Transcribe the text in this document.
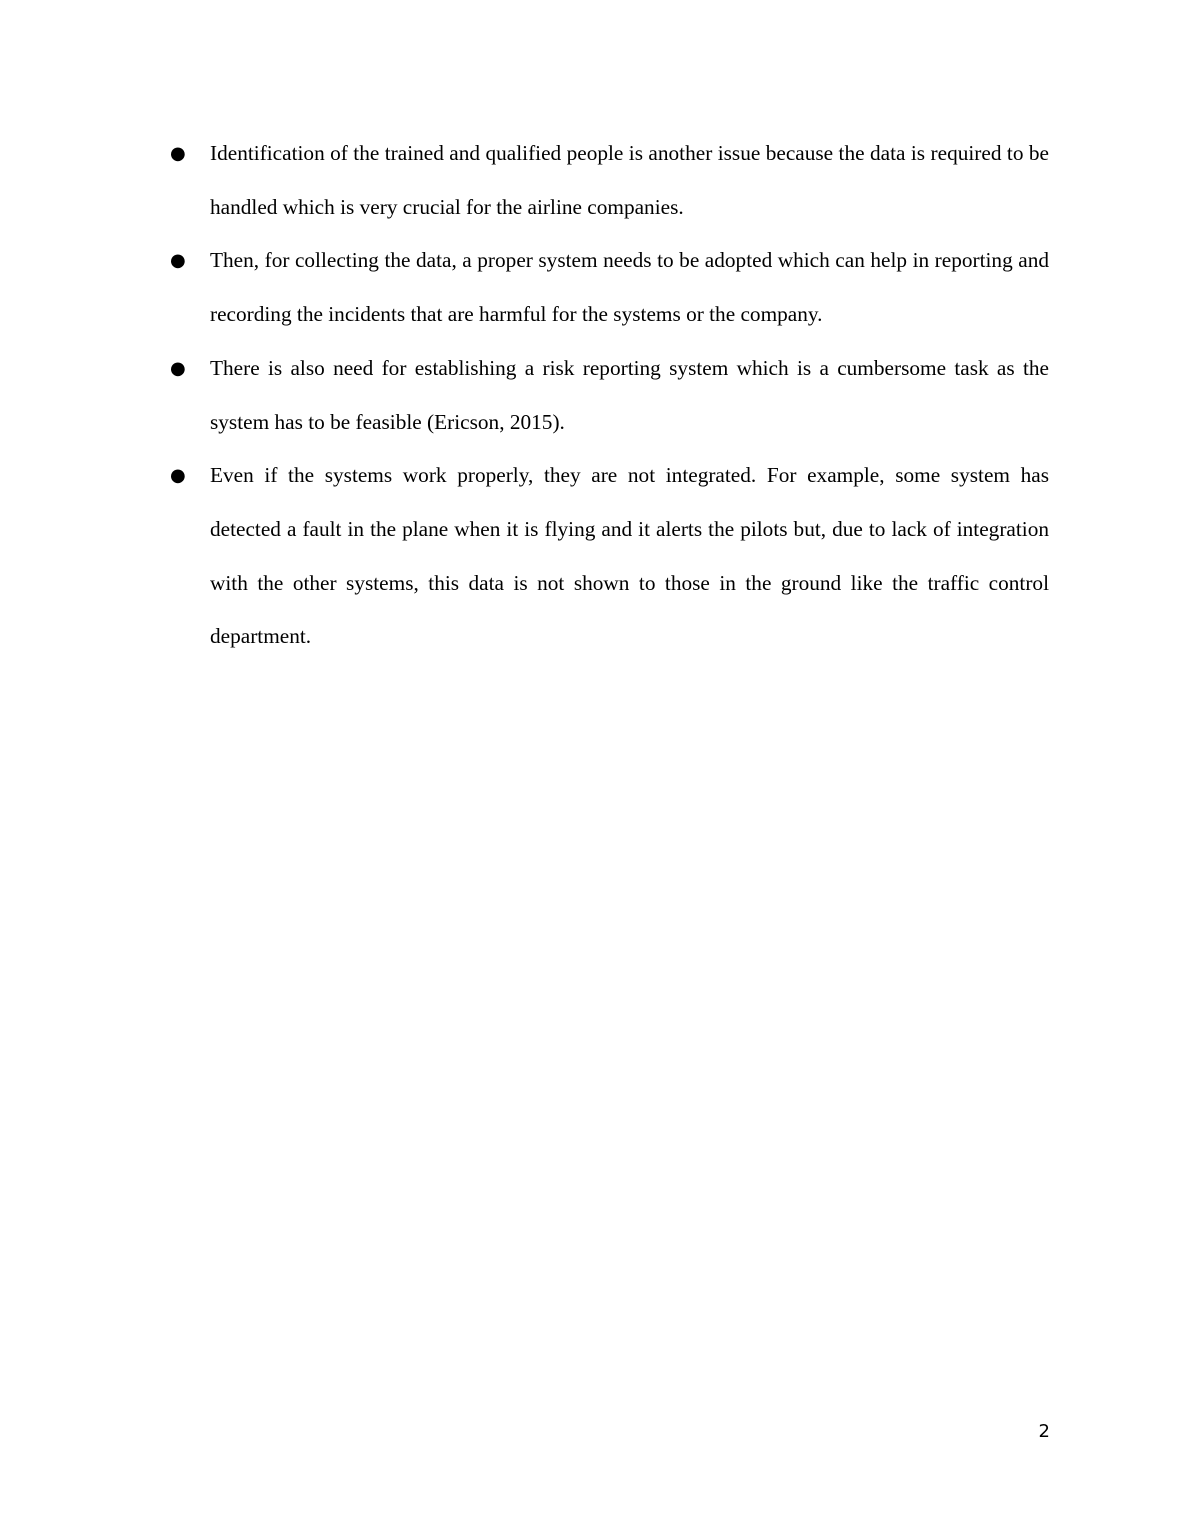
● Identification of the trained and qualified people is another issue because the data is required to be handled which is very crucial for the airline companies.
● Then, for collecting the data, a proper system needs to be adopted which can help in reporting and recording the incidents that are harmful for the systems or the company.
● There is also need for establishing a risk reporting system which is a cumbersome task as the system has to be feasible (Ericson, 2015).
● Even if the systems work properly, they are not integrated. For example, some system has detected a fault in the plane when it is flying and it alerts the pilots but, due to lack of integration with the other systems, this data is not shown to those in the ground like the traffic control department.
2
